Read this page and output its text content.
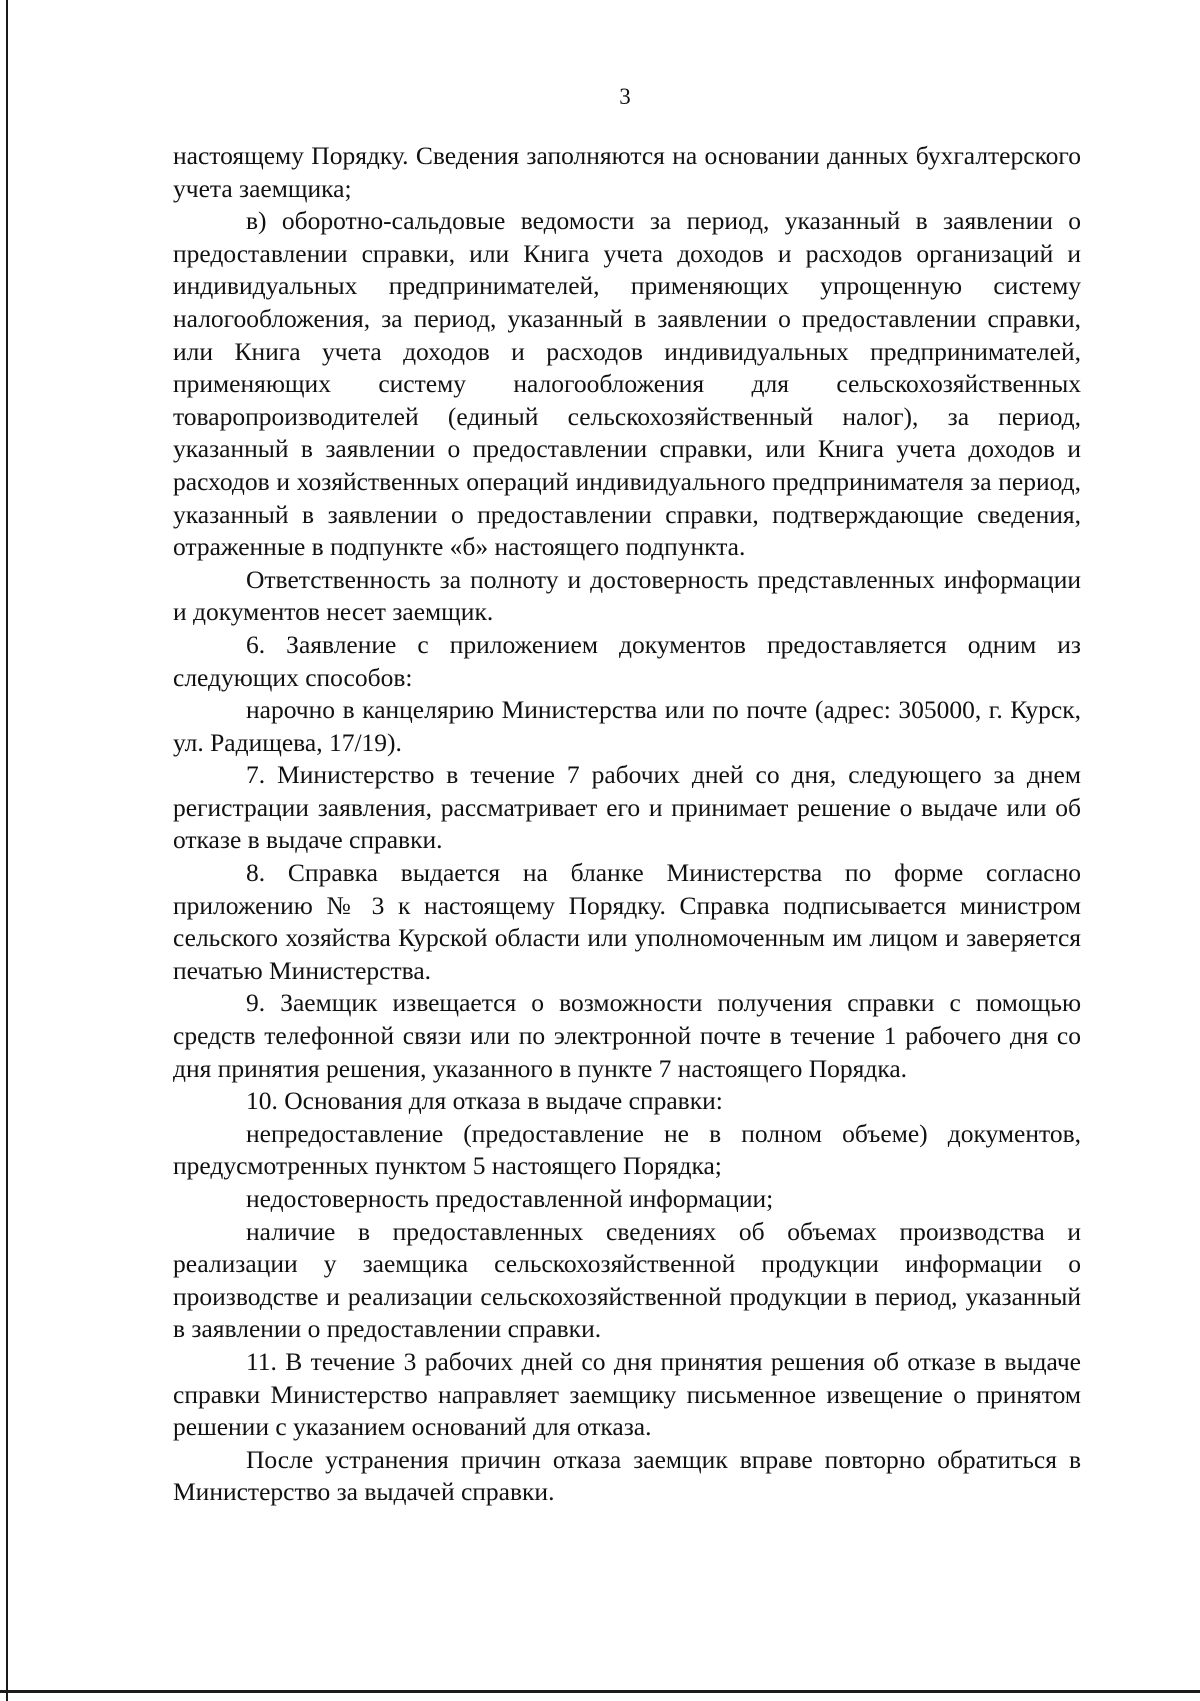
3

настоящему Порядку. Сведения заполняются на основании данных бухгалтерского учета заемщика;

в) оборотно-сальдовые ведомости за период, указанный в заявлении о предоставлении справки, или Книга учета доходов и расходов организаций и индивидуальных предпринимателей, применяющих упрощенную систему налогообложения, за период, указанный в заявлении о предоставлении справки, или Книга учета доходов и расходов индивидуальных предпринимателей, применяющих систему налогообложения для сельскохозяйственных товаропроизводителей (единый сельскохозяйственный налог), за период, указанный в заявлении о предоставлении справки, или Книга учета доходов и расходов и хозяйственных операций индивидуального предпринимателя за период, указанный в заявлении о предоставлении справки, подтверждающие сведения, отраженные в подпункте «б» настоящего подпункта.

Ответственность за полноту и достоверность представленных информации и документов несет заемщик.

6. Заявление с приложением документов предоставляется одним из следующих способов:

нарочно в канцелярию Министерства или по почте (адрес: 305000, г. Курск, ул. Радищева, 17/19).

7. Министерство в течение 7 рабочих дней со дня, следующего за днем регистрации заявления, рассматривает его и принимает решение о выдаче или об отказе в выдаче справки.

8. Справка выдается на бланке Министерства по форме согласно приложению № 3 к настоящему Порядку. Справка подписывается министром сельского хозяйства Курской области или уполномоченным им лицом и заверяется печатью Министерства.

9. Заемщик извещается о возможности получения справки с помощью средств телефонной связи или по электронной почте в течение 1 рабочего дня со дня принятия решения, указанного в пункте 7 настоящего Порядка.

10. Основания для отказа в выдаче справки:

непредоставление (предоставление не в полном объеме) документов, предусмотренных пунктом 5 настоящего Порядка;

недостоверность предоставленной информации;

наличие в предоставленных сведениях об объемах производства и реализации у заемщика сельскохозяйственной продукции информации о производстве и реализации сельскохозяйственной продукции в период, указанный в заявлении о предоставлении справки.

11. В течение 3 рабочих дней со дня принятия решения об отказе в выдаче справки Министерство направляет заемщику письменное извещение о принятом решении с указанием оснований для отказа.

После устранения причин отказа заемщик вправе повторно обратиться в Министерство за выдачей справки.
